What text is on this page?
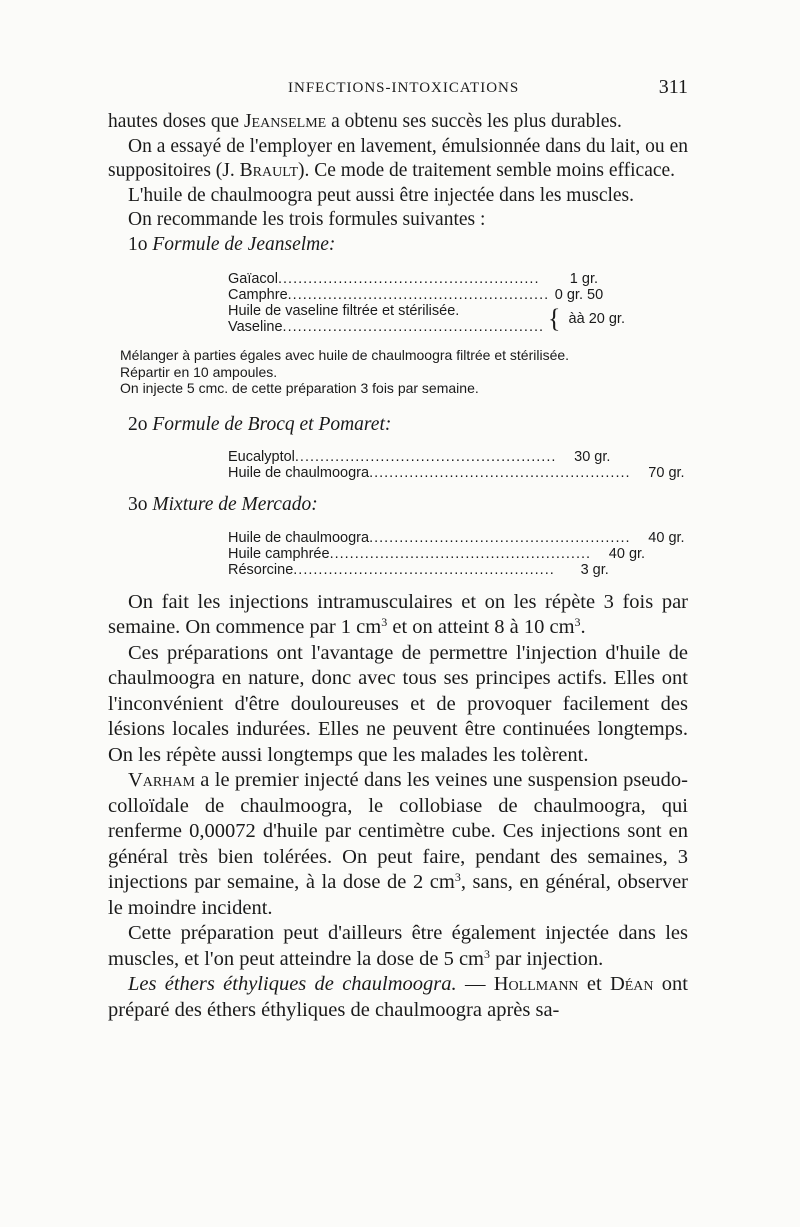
INFECTIONS-INTOXICATIONS	311

hautes doses que Jeanselme a obtenu ses succès les plus durables.

On a essayé de l'employer en lavement, émulsionnée dans du lait, ou en suppositoires (J. Brault). Ce mode de traitement semble moins efficace.

L'huile de chaulmoogra peut aussi être injectée dans les muscles.

On recommande les trois formules suivantes :

1o Formule de Jeanselme:
Gaïacol ....................................................	1 gr.
Camphre .................................................... 0 gr. 50
Huile de vaseline filtrée et stérilisée.
Vaseline .................................................... { àà 20 gr.
Mélanger à parties égales avec huile de chaulmoogra filtrée et stérilisée.
Répartir en 10 ampoules.
On injecte 5 cmc. de cette préparation 3 fois par semaine.
2o Formule de Brocq et Pomaret:
Eucalyptol ....................................................	30 gr.
Huile de chaulmoogra ....................................................	70 gr.
3o Mixture de Mercado:
Huile de chaulmoogra ....................................................	40 gr.
Huile camphrée ....................................................	40 gr.
Résorcine ....................................................	3 gr.

On fait les injections intramusculaires et on les répète 3 fois par semaine. On commence par 1 $cm^3$ et on atteint 8 à 10 $cm^3$.

Ces préparations ont l'avantage de permettre l'injection d'huile de chaulmoogra en nature, donc avec tous ses principes actifs. Elles ont l'inconvénient d'être douloureuses et de provoquer facilement des lésions locales indurées. Elles ne peuvent être continuées longtemps. On les répète aussi longtemps que les malades les tolèrent.

Varham a le premier injecté dans les veines une suspension pseudo-colloïdale de chaulmoogra, le collobiase de chaulmoogra, qui renferme 0,00072 d'huile par centimètre cube. Ces injections sont en général très bien tolérées. On peut faire, pendant des semaines, 3 injections par semaine, à la dose de 2 $cm^3$, sans, en général, observer le moindre incident.

Cette préparation peut d'ailleurs être également injectée dans les muscles, et l'on peut atteindre la dose de 5 $cm^3$ par injection.

Les éthers éthyliques de chaulmoogra. — Hollmann et Déan ont préparé des éthers éthyliques de chaulmoogra après sa-
